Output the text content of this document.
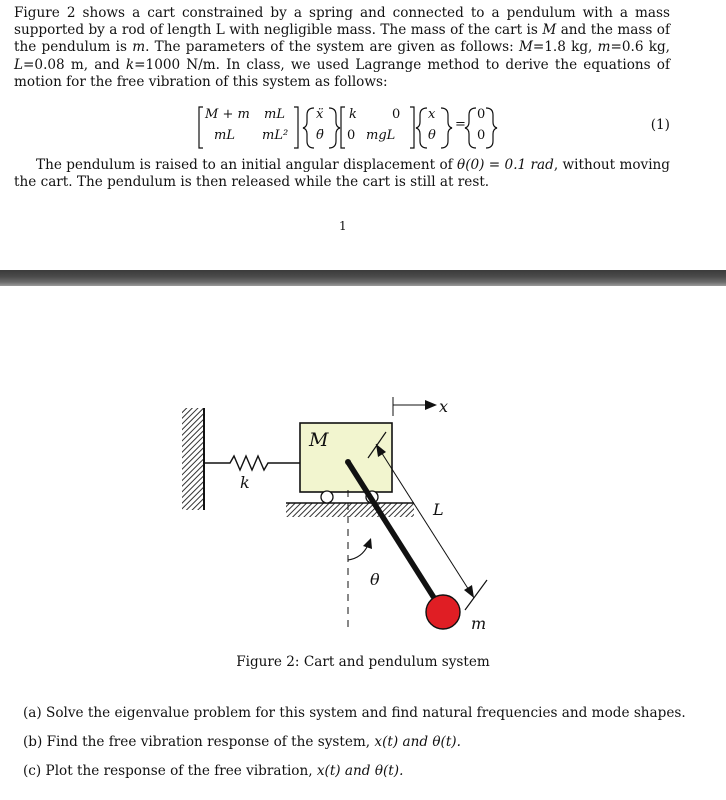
Figure 2 shows a cart constrained by a spring and connected to a pendulum with a mass supported by a rod of length L with negligible mass. The mass of the cart is M and the mass of the pendulum is m. The parameters of the system are given as follows: M=1.8 kg, m=0.6 kg, L=0.08 m, and k=1000 N/m. In class, we used Lagrange method to derive the equations of motion for the free vibration of this system as follows:
M + m mL
mL mL²
ẍ
θ̈
k	0
0 mgL
x
θ
=
0
0
(1)
The pendulum is raised to an initial angular displacement of θ(0) = 0.1 rad, without moving the cart. The pendulum is then released while the cart is still at rest.
1
M
k
x
L
θ
m
Figure 2: Cart and pendulum system
(a) Solve the eigenvalue problem for this system and find natural frequencies and mode shapes.
(b) Find the free vibration response of the system, x(t) and θ(t).
(c) Plot the response of the free vibration, x(t) and θ(t).
